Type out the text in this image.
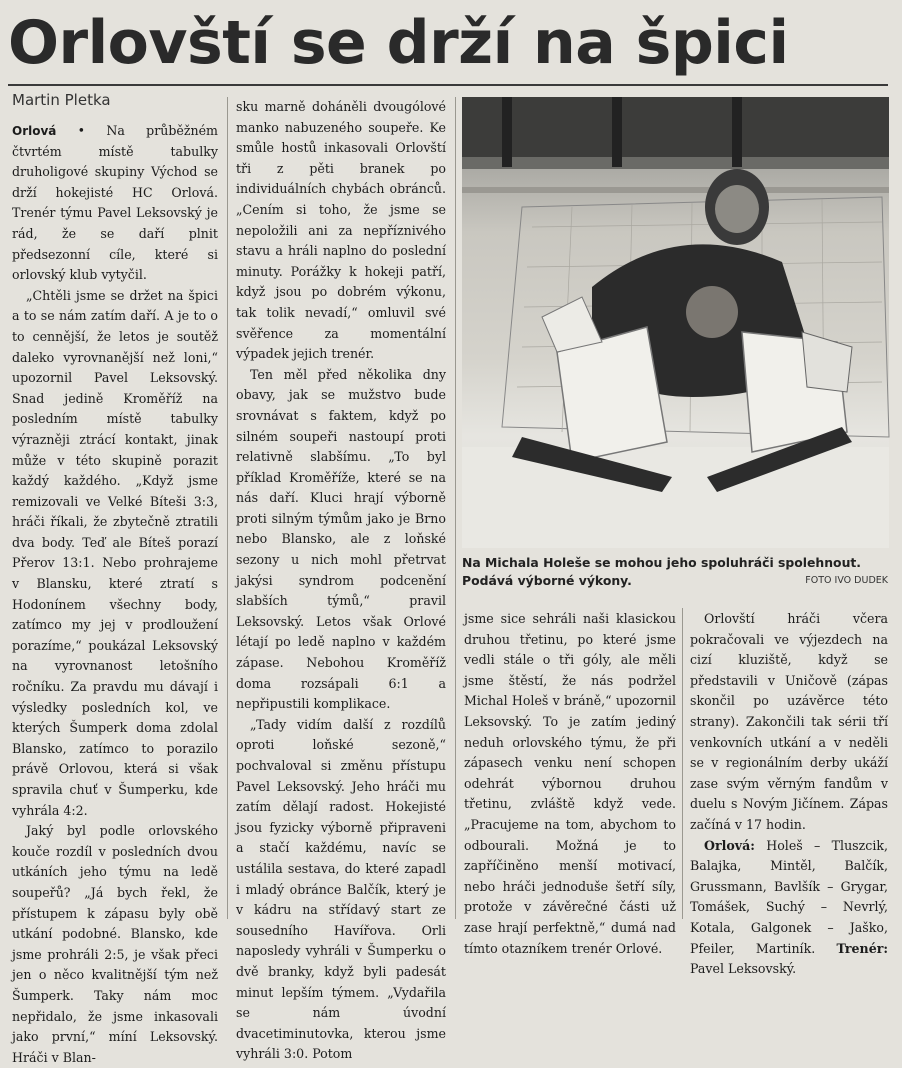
Orlovští se drží na špici
Martin Pletka

Orlová • Na průběžném čtvrtém místě tabulky druholigové skupiny Východ se drží hokejisté HC Orlová. Trenér týmu Pavel Leksovský je rád, že se daří plnit předsezonní cíle, které si orlovský klub vytyčil.

„Chtěli jsme se držet na špici a to se nám zatím daří. A je to o to cennější, že letos je soutěž daleko vyrovnanější než loni,“ upozornil Pavel Leksovský. Snad jedině Kroměříž na posledním místě tabulky výrazněji ztrácí kontakt, jinak může v této skupině porazit každý každého. „Když jsme remizovali ve Velké Bíteši 3:3, hráči říkali, že zbytečně ztratili dva body. Teď ale Bíteš porazí Přerov 13:1. Nebo prohrajeme v Blansku, které ztratí s Hodonínem všechny body, zatímco my jej v prodloužení porazíme,“ poukázal Leksovský na vyrovnanost letošního ročníku. Za pravdu mu dávají i výsledky posledních kol, ve kterých Šumperk doma zdolal Blansko, zatímco to porazilo právě Orlovou, která si však spravila chuť v Šumperku, kde vyhrála 4:2.

Jaký byl podle orlovského kouče rozdíl v posledních dvou utkáních jeho týmu na ledě soupeřů? „Já bych řekl, že přístupem k zápasu byly obě utkání podobné. Blansko, kde jsme prohráli 2:5, je však přeci jen o něco kvalitnější tým než Šumperk. Taky nám moc nepřidalo, že jsme inkasovali jako první,“ míní Leksovský. Hráči v Blan-

sku marně doháněli dvougólové manko nabuzeného soupeře. Ke smůle hostů inkasovali Orlovští tři z pěti branek po individuálních chybách obránců. „Cením si toho, že jsme se nepoložili ani za nepříznivého stavu a hráli naplno do poslední minuty. Porážky k hokeji patří, když jsou po dobrém výkonu, tak tolik nevadí,“ omluvil své svěřence za momentální výpadek jejich trenér.

Ten měl před několika dny obavy, jak se mužstvo bude srovnávat s faktem, když po silném soupeři nastoupí proti relativně slabšímu. „To byl příklad Kroměříže, které se na nás daří. Kluci hrají výborně proti silným týmům jako je Brno nebo Blansko, ale z loňské sezony u nich mohl přetrvat jakýsi syndrom podcenění slabších týmů,“ pravil Leksovský. Letos však Orlové létají po ledě naplno v každém zápase. Nebohou Kroměříž doma rozsápali 6:1 a nepřipustili komplikace.

„Tady vidím další z rozdílů oproti loňské sezoně,“ pochvaloval si změnu přístupu Pavel Leksovský. Jeho hráči mu zatím dělají radost. Hokejisté jsou fyzicky výborně připraveni a stačí každému, navíc se ustálila sestava, do které zapadl i mladý obránce Balčík, který je v kádru na střídavý start ze sousedního Havířova. Orli naposledy vyhráli v Šumperku o dvě branky, když byli padesát minut lepším týmem. „Vydařila se nám úvodní dvacetiminutovka, kterou jsme vyhráli 3:0. Potom

Na Michala Holeše se mohou jeho spoluhráči spolehnout. Podává výborné výkony.	FOTO IVO DUDEK

jsme sice sehráli naši klasickou druhou třetinu, po které jsme vedli stále o tři góly, ale měli jsme štěstí, že nás podržel Michal Holeš v bráně,“ upozornil Leksovský. To je zatím jediný neduh orlovského týmu, že při zápasech venku není schopen odehrát výbornou druhou třetinu, zvláště když vede. „Pracujeme na tom, abychom to odbourali. Možná je to zapříčiněno menší motivací, nebo hráči jednoduše šetří síly, protože v závěrečné části už zase hrají perfektně,“ dumá nad tímto otazníkem trenér Orlové.

Orlovští hráči včera pokračovali ve výjezdech na cizí kluziště, když se představili v Uničově (zápas skončil po uzávěrce této strany). Zakončili tak sérii tří venkovních utkání a v neděli se v regionálním derby ukáží zase svým věrným fandům v duelu s Novým Jičínem. Zápas začíná v 17 hodin.

Orlová: Holeš – Tluszcik, Balajka, Mintěl, Balčík, Grussmann, Bavlšík – Grygar, Tomášek, Suchý – Nevrlý, Kotala, Galgonek – Jaško, Pfeiler, Martiník. Trenér: Pavel Leksovský.
